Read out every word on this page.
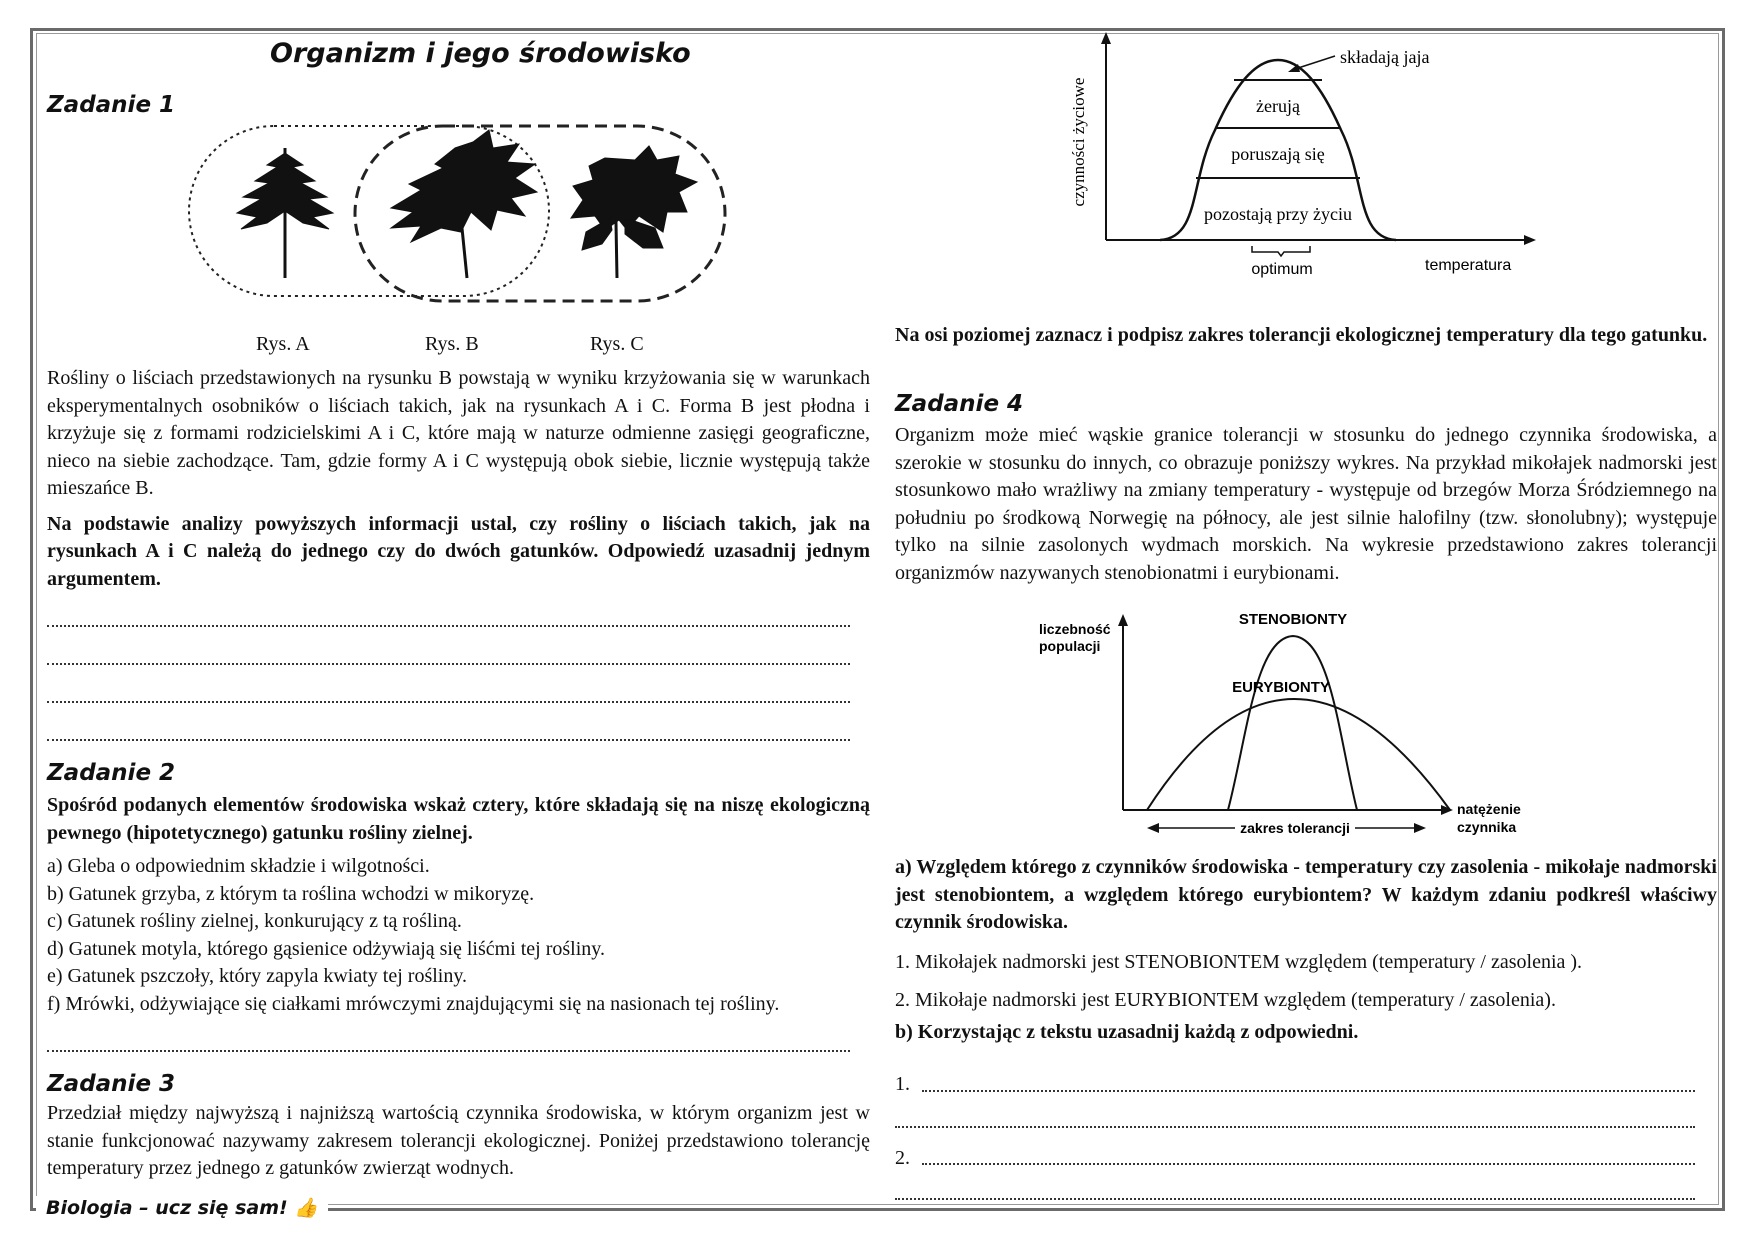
Biologia – ucz się sam! 👍
Organizm i jego środowisko
Zadanie 1
Rys. A	Rys. B	Rys. C

Rośliny o liściach przedstawionych na rysunku B powstają w wyniku krzyżowania się w warunkach eksperymentalnych osobników o liściach takich, jak na rysunkach A i C. Forma B jest płodna i krzyżuje się z formami rodzicielskimi A i C, które mają w naturze odmienne zasięgi geograficzne, nieco na siebie zachodzące. Tam, gdzie formy A i C występują obok siebie, licznie występują także mieszańce B.

Na podstawie analizy powyższych informacji ustal, czy rośliny o liściach takich, jak na rysunkach A i C należą do jednego czy do dwóch gatunków. Odpowiedź uzasadnij jednym argumentem.

Zadanie 2

Spośród podanych elementów środowiska wskaż cztery, które składają się na niszę ekologiczną pewnego (hipotetycznego) gatunku rośliny zielnej.

a) Gleba o odpowiednim składzie i wilgotności.
b) Gatunek grzyba, z którym ta roślina wchodzi w mikoryzę.
c) Gatunek rośliny zielnej, konkurujący z tą rośliną.
d) Gatunek motyla, którego gąsienice odżywiają się liśćmi tej rośliny.
e) Gatunek pszczoły, który zapyla kwiaty tej rośliny.
f) Mrówki, odżywiające się ciałkami mrówczymi znajdującymi się na nasionach tej rośliny.
Zadanie 3

Przedział między najwyższą i najniższą wartością czynnika środowiska, w którym organizm jest w stanie funkcjonować nazywamy zakresem tolerancji ekologicznej. Poniżej przedstawiono tolerancję temperatury przez jednego z gatunków zwierząt wodnych.

czynności życiowe
składają jaja
żerują
poruszają się
pozostają przy życiu
optimum	temperatura

Na osi poziomej zaznacz i podpisz zakres tolerancji ekologicznej temperatury dla tego gatunku.

Zadanie 4

Organizm może mieć wąskie granice tolerancji w stosunku do jednego czynnika środowiska, a szerokie w stosunku do innych, co obrazuje poniższy wykres. Na przykład mikołajek nadmorski jest stosunkowo mało wrażliwy na zmiany temperatury - występuje od brzegów Morza Śródziemnego na południu po środkową Norwegię na północy, ale jest silnie halofilny (tzw. słonolubny); występuje tylko na silnie zasolonych wydmach morskich. Na wykresie przedstawiono zakres tolerancji organizmów nazywanych stenobionatmi i eurybionami.

liczebność
populacji
STENOBIONTY
EURYBIONTY
zakres tolerancji
natężenie
czynnika

a) Względem którego z czynników środowiska - temperatury czy zasolenia - mikołaje nadmorski jest stenobiontem, a względem którego eurybiontem? W każdym zdaniu podkreśl właściwy czynnik środowiska.

1. Mikołajek nadmorski jest STENOBIONTEM względem (temperatury / zasolenia ).

2. Mikołaje nadmorski jest EURYBIONTEM względem (temperatury / zasolenia).

b) Korzystając z tekstu uzasadnij każdą z odpowiedni.

1.
2.
